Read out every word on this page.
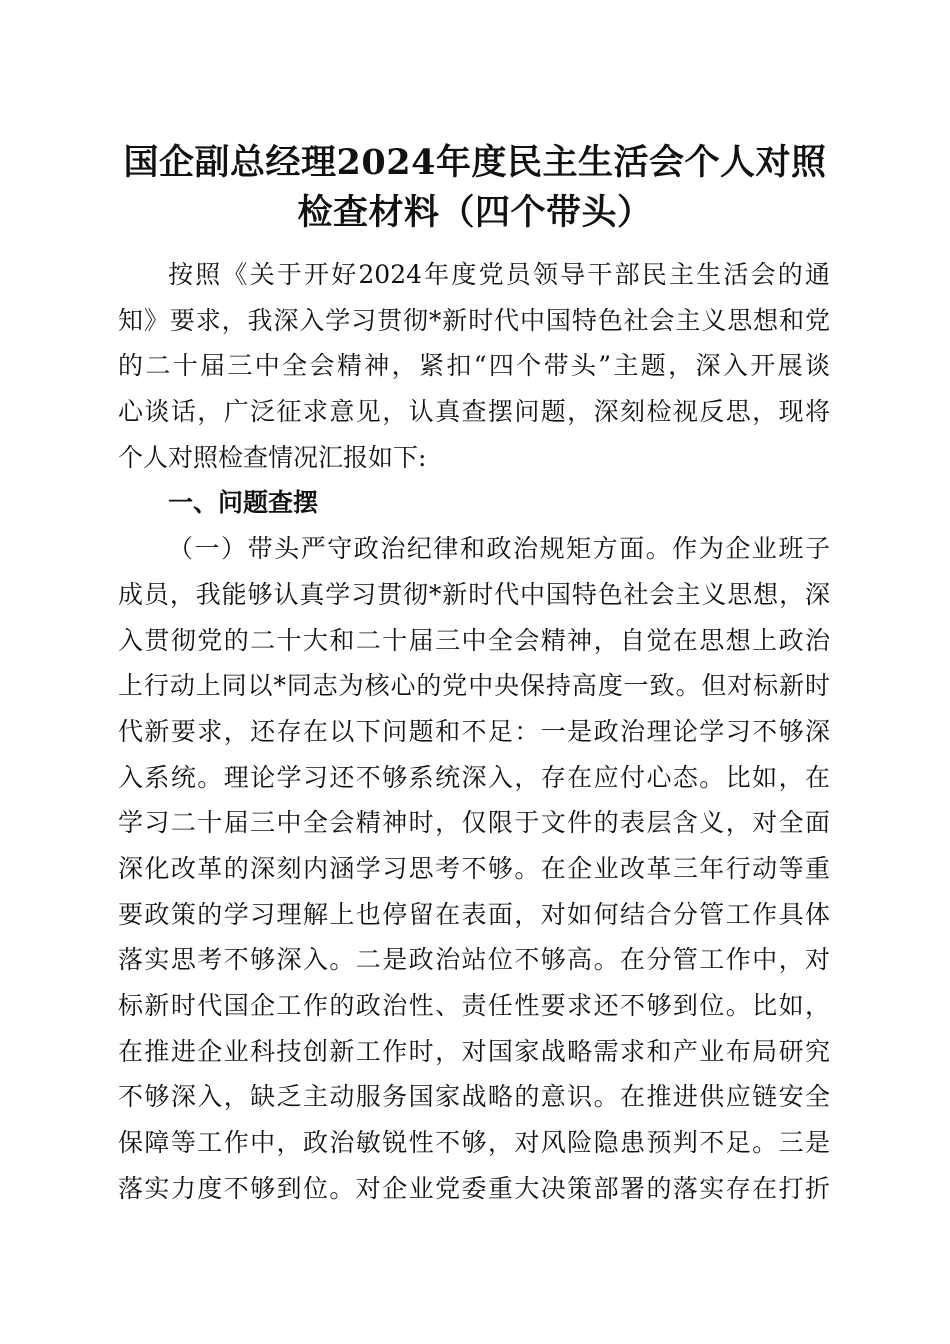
国企副总经理2024年度民主生活会个人对照
检查材料（四个带头）
按照《关于开好2024年度党员领导干部民主生活会的通
知》要求，我深入学习贯彻*新时代中国特色社会主义思想和党
的二十届三中全会精神，紧扣“四个带头”主题，深入开展谈
心谈话，广泛征求意见，认真查摆问题，深刻检视反思，现将
个人对照检查情况汇报如下:
一、问题查摆
（一）带头严守政治纪律和政治规矩方面。作为企业班子
成员，我能够认真学习贯彻*新时代中国特色社会主义思想，深
入贯彻党的二十大和二十届三中全会精神，自觉在思想上政治
上行动上同以*同志为核心的党中央保持高度一致。但对标新时
代新要求，还存在以下问题和不足：一是政治理论学习不够深
入系统。理论学习还不够系统深入，存在应付心态。比如，在
学习二十届三中全会精神时，仅限于文件的表层含义，对全面
深化改革的深刻内涵学习思考不够。在企业改革三年行动等重
要政策的学习理解上也停留在表面，对如何结合分管工作具体
落实思考不够深入。二是政治站位不够高。在分管工作中，对
标新时代国企工作的政治性、责任性要求还不够到位。比如，
在推进企业科技创新工作时，对国家战略需求和产业布局研究
不够深入，缺乏主动服务国家战略的意识。在推进供应链安全
保障等工作中，政治敏锐性不够，对风险隐患预判不足。三是
落实力度不够到位。对企业党委重大决策部署的落实存在打折
